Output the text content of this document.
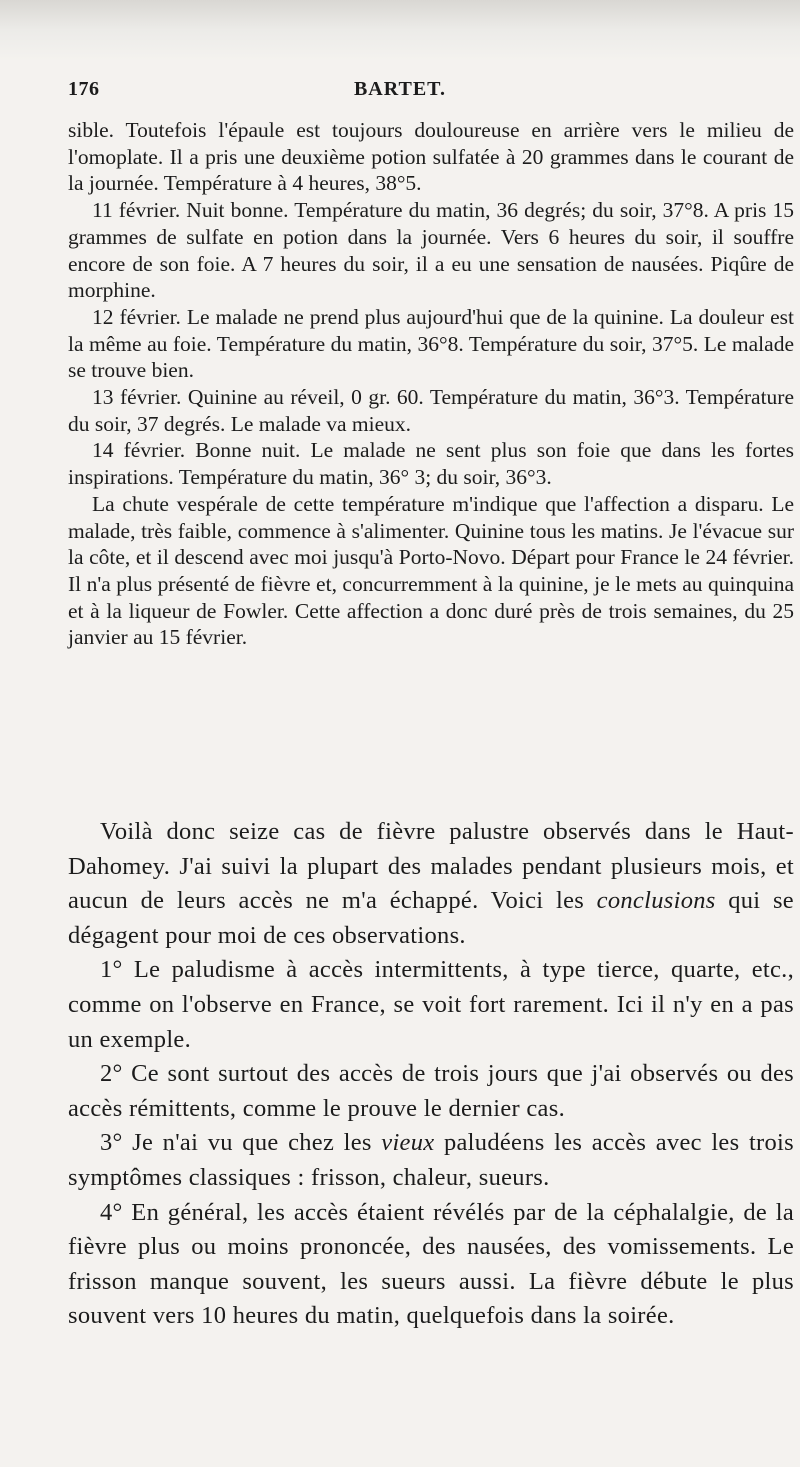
176	BARTET.

sible. Toutefois l'épaule est toujours douloureuse en arrière vers le milieu de l'omoplate. Il a pris une deuxième potion sulfatée à 20 grammes dans le courant de la journée. Température à 4 heures, 38°5.

11 février. Nuit bonne. Température du matin, 36 degrés; du soir, 37°8. A pris 15 grammes de sulfate en potion dans la journée. Vers 6 heures du soir, il souffre encore de son foie. A 7 heures du soir, il a eu une sensation de nausées. Piqûre de morphine.

12 février. Le malade ne prend plus aujourd'hui que de la quinine. La douleur est la même au foie. Température du matin, 36°8. Température du soir, 37°5. Le malade se trouve bien.

13 février. Quinine au réveil, 0 gr. 60. Température du matin, 36°3. Température du soir, 37 degrés. Le malade va mieux.

14 février. Bonne nuit. Le malade ne sent plus son foie que dans les fortes inspirations. Température du matin, 36° 3; du soir, 36°3.

La chute vespérale de cette température m'indique que l'affection a disparu. Le malade, très faible, commence à s'alimenter. Quinine tous les matins. Je l'évacue sur la côte, et il descend avec moi jusqu'à Porto-Novo. Départ pour France le 24 février. Il n'a plus présenté de fièvre et, concurremment à la quinine, je le mets au quinquina et à la liqueur de Fowler. Cette affection a donc duré près de trois semaines, du 25 janvier au 15 février.

Voilà donc seize cas de fièvre palustre observés dans le Haut-Dahomey. J'ai suivi la plupart des malades pendant plusieurs mois, et aucun de leurs accès ne m'a échappé. Voici les conclusions qui se dégagent pour moi de ces observations.

1° Le paludisme à accès intermittents, à type tierce, quarte, etc., comme on l'observe en France, se voit fort rarement. Ici il n'y en a pas un exemple.

2° Ce sont surtout des accès de trois jours que j'ai observés ou des accès rémittents, comme le prouve le dernier cas.

3° Je n'ai vu que chez les vieux paludéens les accès avec les trois symptômes classiques : frisson, chaleur, sueurs.

4° En général, les accès étaient révélés par de la céphalalgie, de la fièvre plus ou moins prononcée, des nausées, des vomissements. Le frisson manque souvent, les sueurs aussi. La fièvre débute le plus souvent vers 10 heures du matin, quelquefois dans la soirée.
